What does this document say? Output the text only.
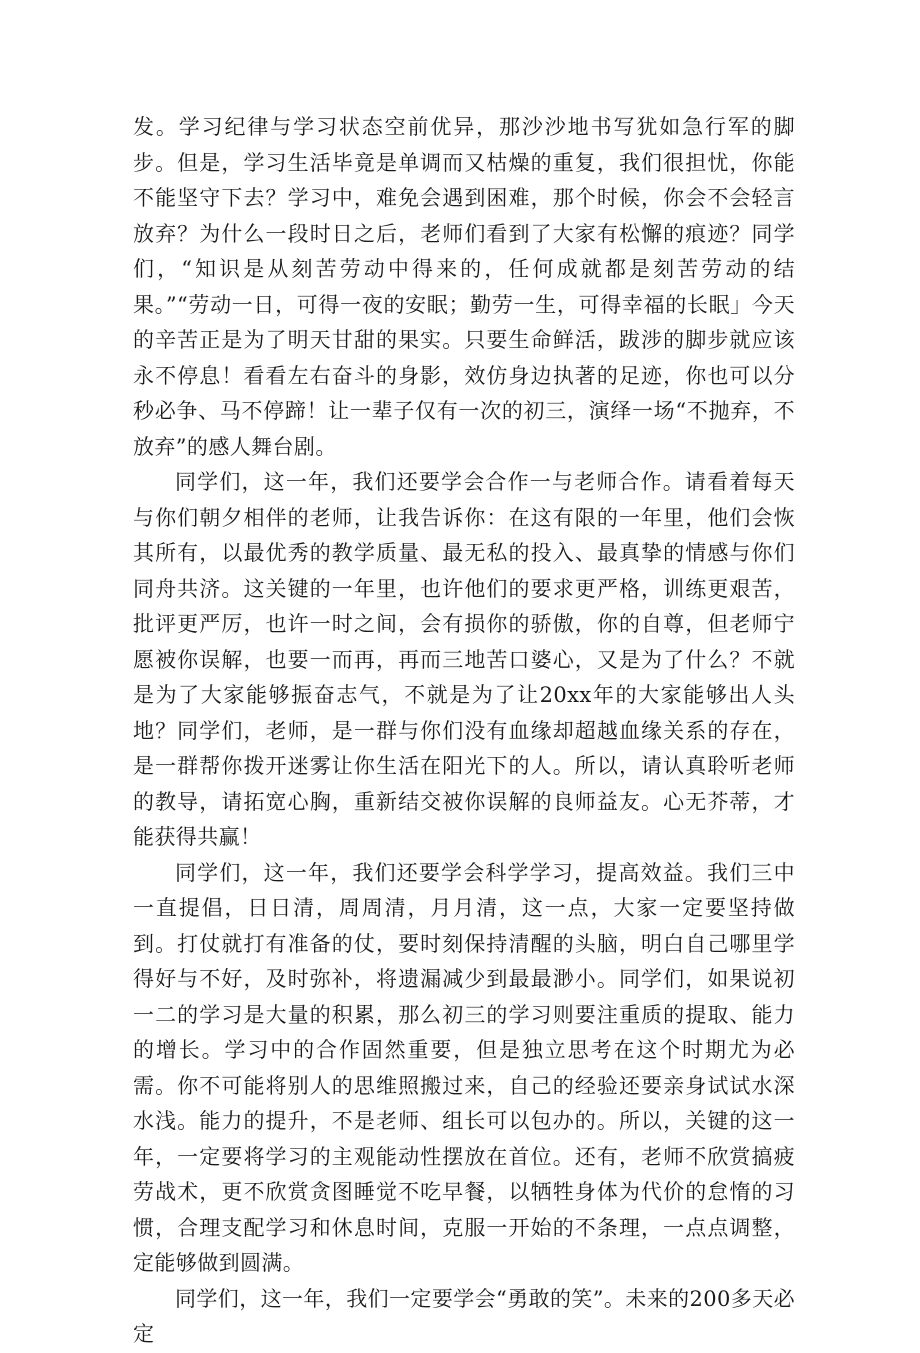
发。学习纪律与学习状态空前优异，那沙沙地书写犹如急行军的脚步。但是，学习生活毕竟是单调而又枯燥的重复，我们很担忧，你能不能坚守下去？学习中，难免会遇到困难，那个时候，你会不会轻言放弃？为什么一段时日之后，老师们看到了大家有松懈的痕迹？同学们，“知识是从刻苦劳动中得来的，任何成就都是刻苦劳动的结果。”“劳动一日，可得一夜的安眠；勤劳一生，可得幸福的长眠」今天的辛苦正是为了明天甘甜的果实。只要生命鲜活，跋涉的脚步就应该永不停息！看看左右奋斗的身影，效仿身边执著的足迹，你也可以分秒必争、马不停蹄！让一辈子仅有一次的初三，演绎一场“不抛弃，不放弃”的感人舞台剧。

同学们，这一年，我们还要学会合作一与老师合作。请看着每天与你们朝夕相伴的老师，让我告诉你：在这有限的一年里，他们会恢其所有，以最优秀的教学质量、最无私的投入、最真挚的情感与你们同舟共济。这关键的一年里，也许他们的要求更严格，训练更艰苦，批评更严厉，也许一时之间，会有损你的骄傲，你的自尊，但老师宁愿被你误解，也要一而再，再而三地苦口婆心，又是为了什么？不就是为了大家能够振奋志气，不就是为了让20xx年的大家能够出人头地？同学们，老师，是一群与你们没有血缘却超越血缘关系的存在，是一群帮你拨开迷雾让你生活在阳光下的人。所以，请认真聆听老师的教导，请拓宽心胸，重新结交被你误解的良师益友。心无芥蒂，才能获得共赢！

同学们，这一年，我们还要学会科学学习，提高效益。我们三中一直提倡，日日清，周周清，月月清，这一点，大家一定要坚持做到。打仗就打有准备的仗，要时刻保持清醒的头脑，明白自己哪里学得好与不好，及时弥补，将遗漏减少到最最渺小。同学们，如果说初一二的学习是大量的积累，那么初三的学习则要注重质的提取、能力的增长。学习中的合作固然重要，但是独立思考在这个时期尤为必需。你不可能将别人的思维照搬过来，自己的经验还要亲身试试水深水浅。能力的提升，不是老师、组长可以包办的。所以，关键的这一年，一定要将学习的主观能动性摆放在首位。还有，老师不欣赏搞疲劳战术，更不欣赏贪图睡觉不吃早餐，以牺牲身体为代价的怠惰的习惯，合理支配学习和休息时间，克服一开始的不条理，一点点调整，定能够做到圆满。

同学们，这一年，我们一定要学会“勇敢的笑”。未来的200多天必定
